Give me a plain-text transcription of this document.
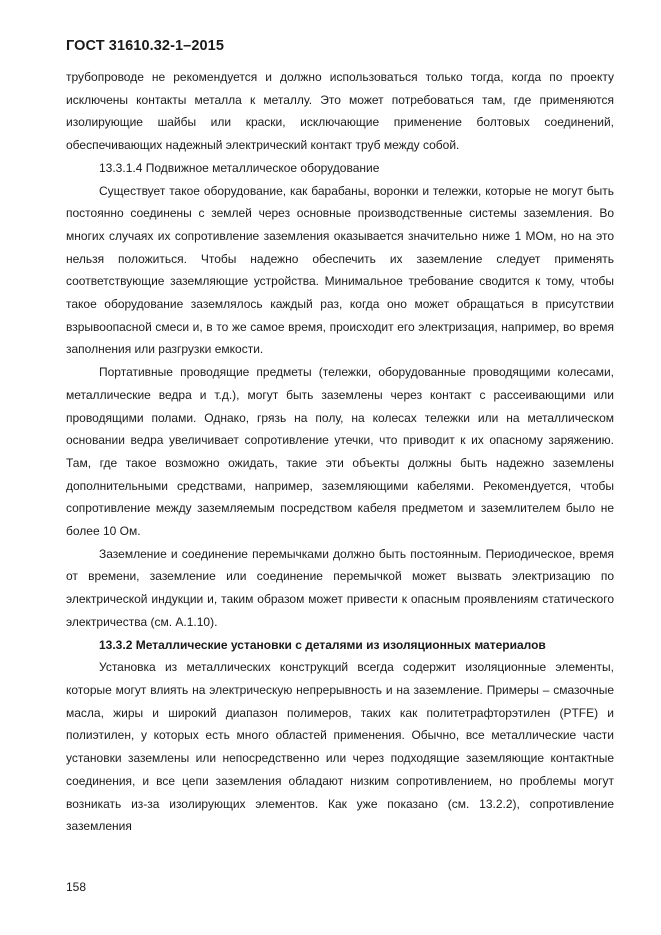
ГОСТ 31610.32-1–2015

трубопроводе не рекомендуется и должно использоваться только тогда, когда по проекту исключены контакты металла к металлу. Это может потребоваться там, где применяются изолирующие шайбы или краски, исключающие применение болтовых соединений, обеспечивающих надежный электрический контакт труб между собой.

13.3.1.4 Подвижное металлическое оборудование

Существует такое оборудование, как барабаны, воронки и тележки, которые не могут быть постоянно соединены с землей через основные производственные системы заземления. Во многих случаях их сопротивление заземления оказывается значительно ниже 1 МОм, но на это нельзя положиться. Чтобы надежно обеспечить их заземление следует применять соответствующие заземляющие устройства. Минимальное требование сводится к тому, чтобы такое оборудование заземлялось каждый раз, когда оно может обращаться в присутствии взрывоопасной смеси и, в то же самое время, происходит его электризация, например, во время заполнения или разгрузки емкости.

Портативные проводящие предметы (тележки, оборудованные проводящими колесами, металлические ведра и т.д.), могут быть заземлены через контакт с рассеивающими или проводящими полами. Однако, грязь на полу, на колесах тележки или на металлическом основании ведра увеличивает сопротивление утечки, что приводит к их опасному заряжению. Там, где такое возможно ожидать, такие эти объекты должны быть надежно заземлены дополнительными средствами, например, заземляющими кабелями. Рекомендуется, чтобы сопротивление между заземляемым посредством кабеля предметом и заземлителем было не более 10 Ом.

Заземление и соединение перемычками должно быть постоянным. Периодическое, время от времени, заземление или соединение перемычкой может вызвать электризацию по электрической индукции и, таким образом может привести к опасным проявлениям статического электричества (см. А.1.10).

13.3.2 Металлические установки с деталями из изоляционных материалов

Установка из металлических конструкций всегда содержит изоляционные элементы, которые могут влиять на электрическую непрерывность и на заземление. Примеры – смазочные масла, жиры и широкий диапазон полимеров, таких как политетрафторэтилен (PTFE) и полиэтилен, у которых есть много областей применения. Обычно, все металлические части установки заземлены или непосредственно или через подходящие заземляющие контактные соединения, и все цепи заземления обладают низким сопротивлением, но проблемы могут возникать из-за изолирующих элементов. Как уже показано (см. 13.2.2), сопротивление заземления

158
